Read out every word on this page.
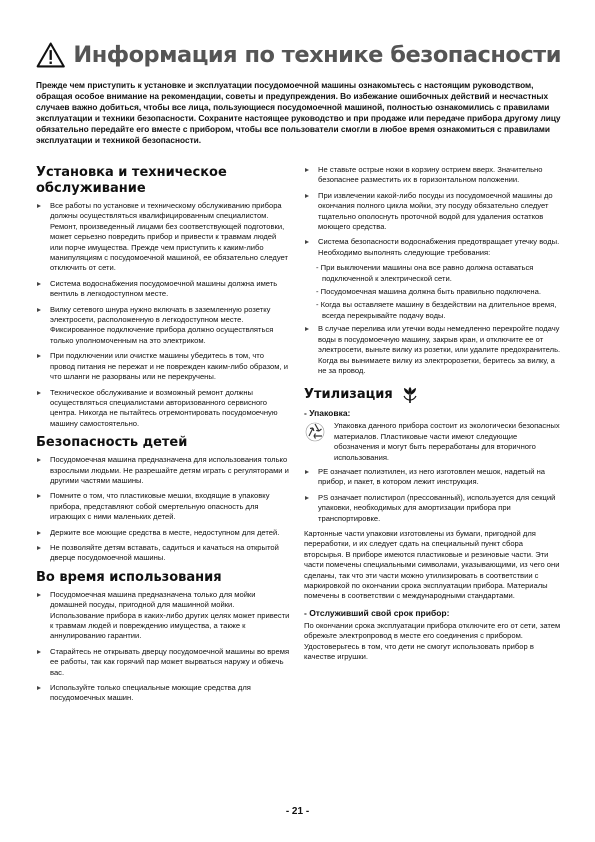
Информация по технике безопасности
Прежде чем приступить к установке и эксплуатации посудомоечной машины ознакомьтесь с настоящим руководством, обращая особое внимание на рекомендации, советы и предупреждения. Во избежание ошибочных действий и несчастных случаев важно добиться, чтобы все лица, пользующиеся посудомоечной машиной, полностью ознакомились с правилами эксплуатации и техники безопасности. Сохраните настоящее руководство и при продаже или передаче прибора другому лицу обязательно передайте его вместе с прибором, чтобы все пользователи смогли в любое время ознакомиться с правилами эксплуатации и техникой безопасности.
Установка и техническое обслуживание
Все работы по установке и техническому обслуживанию прибора должны осуществляться квалифицированным специалистом. Ремонт, произведенный лицами без соответствующей подготовки, может серьезно повредить прибор и привести к травмам людей или порче имущества. Прежде чем приступить к каким-либо манипуляциям с посудомоечной машиной, ее обязательно следует отключить от сети.
Система водоснабжения посудомоечной машины должна иметь вентиль в легкодоступном месте.
Вилку сетевого шнура нужно включать в заземленную розетку электросети, расположенную в легкодоступном месте. Фиксированное подключение прибора должно осуществляться только уполномоченным на это электриком.
При подключении или очистке машины убедитесь в том, что провод питания не пережат и не поврежден каким-либо образом, и что шланги не разорваны или не перекручены.
Техническое обслуживание и возможный ремонт должны осуществляться специалистами авторизованного сервисного центра. Никогда не пытайтесь отремонтировать посудомоечную машину самостоятельно.
Безопасность детей
Посудомоечная машина предназначена для использования только взрослыми людьми. Не разрешайте детям играть с регуляторами и другими частями машины.
Помните о том, что пластиковые мешки, входящие в упаковку прибора, представляют собой смертельную опасность для играющих с ними маленьких детей.
Держите все моющие средства в месте, недоступном для детей.
Не позволяйте детям вставать, садиться и качаться на открытой дверце посудомоечной машины.
Во время использования
Посудомоечная машина предназначена только для мойки домашней посуды, пригодной для машинной мойки. Использование прибора в каких-либо других целях может привести к травмам людей и повреждению имущества, а также к аннулированию гарантии.
Старайтесь не открывать дверцу посудомоечной машины во время ее работы, так как горячий пар может вырваться наружу и обжечь вас.
Используйте только специальные моющие средства для посудомоечных машин.
Не ставьте острые ножи в корзину острием вверх. Значительно безопаснее разместить их в горизонтальном положении.
При извлечении какой-либо посуды из посудомоечной машины до окончания полного цикла мойки, эту посуду обязательно следует тщательно ополоснуть проточной водой для удаления остатков моющего средства.
Система безопасности водоснабжения предотвращает утечку воды. Необходимо выполнять следующие требования:
- При выключении машины она все равно должна оставаться подключенной к электрической сети.
- Посудомоечная машина должна быть правильно подключена.
- Когда вы оставляете машину в бездействии на длительное время, всегда перекрывайте подачу воды.
В случае перелива или утечки воды немедленно перекройте подачу воды в посудомоечную машину, закрыв кран, и отключите ее от электросети, выньте вилку из розетки, или удалите предохранитель. Когда вы вынимаете вилку из электророзетки, беритесь за вилку, а не за провод.
Утилизация
- Упаковка:
Упаковка данного прибора состоит из экологически безопасных материалов. Пластиковые части имеют следующие обозначения и могут быть переработаны для вторичного использования.
PE означает полиэтилен, из него изготовлен мешок, надетый на прибор, и пакет, в котором лежит инструкция.
PS означает полистирол (прессованный), используется для секций упаковки, необходимых для амортизации прибора при транспортировке.
Картонные части упаковки изготовлены из бумаги, пригодной для переработки, и их следует сдать на специальный пункт сбора вторсырья. В приборе имеются пластиковые и резиновые части. Эти части помечены специальными символами, указывающими, из чего они сделаны, так что эти части можно утилизировать в соответствии с маркировкой по окончании срока эксплуатации прибора. Материалы помечены в соответствии с международными стандартами.
- Отслуживший свой срок прибор:
По окончании срока эксплуатации прибора отключите его от сети, затем обрежьте электропровод в месте его соединения с прибором. Удостоверьтесь в том, что дети не смогут использовать прибор в качестве игрушки.
- 21 -
